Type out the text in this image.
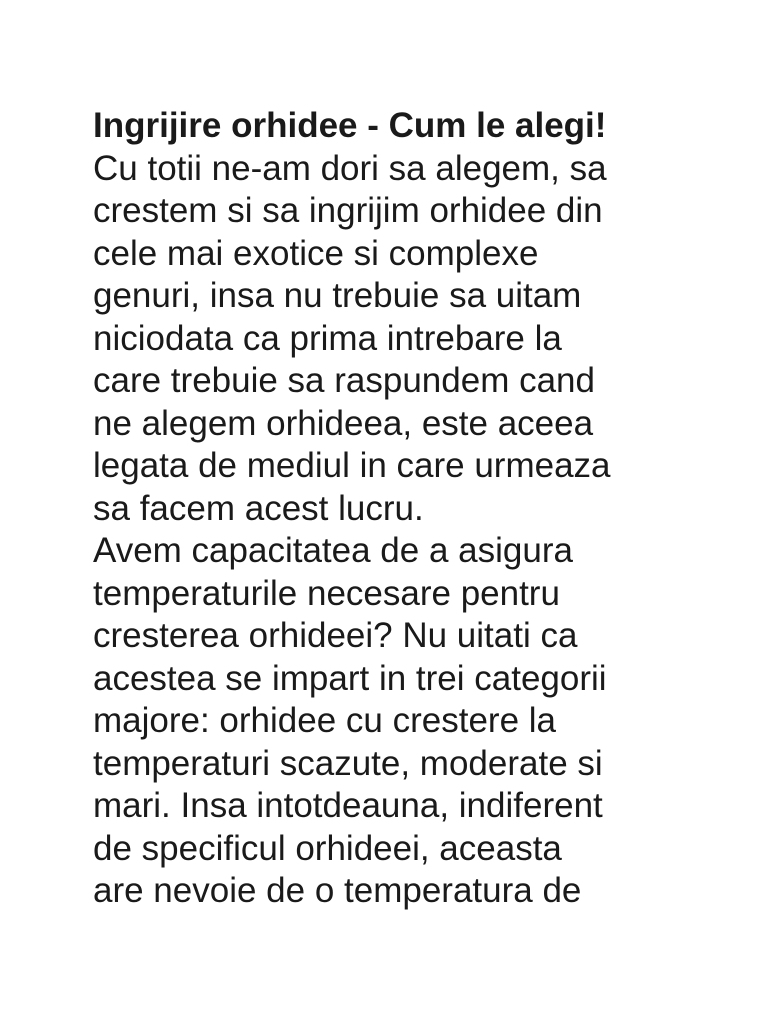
Ingrijire orhidee - Cum le alegi!
Cu totii ne-am dori sa alegem, sa
crestem si sa ingrijim orhidee din
cele mai exotice si complexe
genuri, insa nu trebuie sa uitam
niciodata ca prima intrebare la
care trebuie sa raspundem cand
ne alegem orhideea, este aceea
legata de mediul in care urmeaza
sa facem acest lucru.
Avem capacitatea de a asigura
temperaturile necesare pentru
cresterea orhideei? Nu uitati ca
acestea se impart in trei categorii
majore: orhidee cu crestere la
temperaturi scazute, moderate si
mari. Insa intotdeauna, indiferent
de specificul orhideei, aceasta
are nevoie de o temperatura de
